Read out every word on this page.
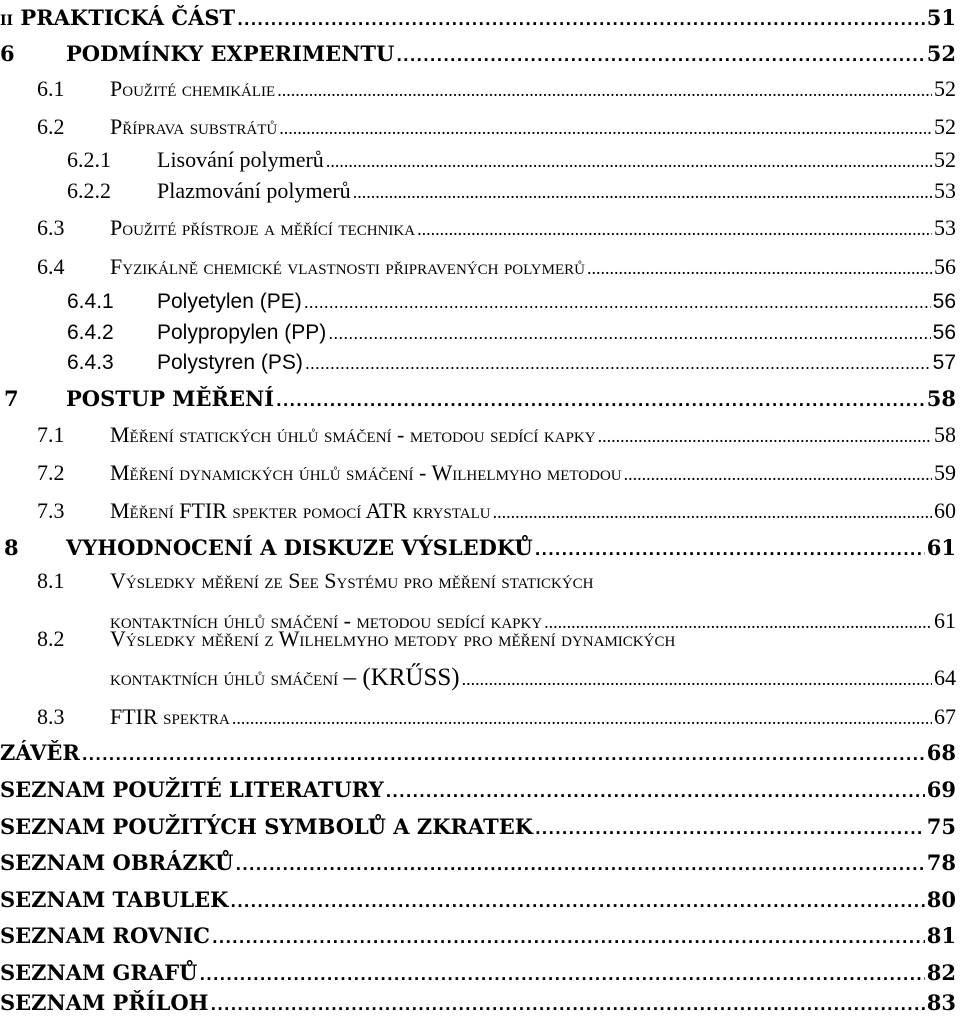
II PRAKTICKÁ ČÁST .....	51
6 PODMÍNKY EXPERIMENTU .....	52
6.1 Použité chemikálie .....	52
6.2 Příprava substrátů .....	52
6.2.1 Lisování polymerů .....	52
6.2.2 Plazmování polymerů .....	53
6.3 Použité přístroje a měřící technika .....	53
6.4 Fyzikálně chemické vlastnosti připravených polymerů .....	56
6.4.1 Polyetylen (PE) .....	56
6.4.2 Polypropylen (PP) .....	56
6.4.3 Polystyren (PS) .....	57
7 POSTUP MĚŘENÍ .....	58
7.1 Měření statických úhlů smáčení - metodou sedící kapky .....	58
7.2 Měření dynamických úhlů smáčení - Wilhelmyho metodou .....	59
7.3 Měření FTIR spekter pomocí ATR krystalu .....	60
8 VYHODNOCENÍ A DISKUZE VÝSLEDKŮ .....	61
8.1 Výsledky měření ze See Systému pro měření statických
kontaktních úhlů smáčení - metodou sedící kapky .....	61
8.2 Výsledky měření z Wilhelmyho metody pro měření dynamických
kontaktních úhlů smáčení – (KRŰSS) .....	64
8.3 FTIR spektra .....	67
ZÁVĚR .....	68
SEZNAM POUŽITÉ LITERATURY .....	69
SEZNAM POUŽITÝCH SYMBOLŮ A ZKRATEK .....	75
SEZNAM OBRÁZKŮ .....	78
SEZNAM TABULEK .....	80
SEZNAM ROVNIC .....	81
SEZNAM GRAFŮ .....	82
SEZNAM PŘÍLOH .....	83
